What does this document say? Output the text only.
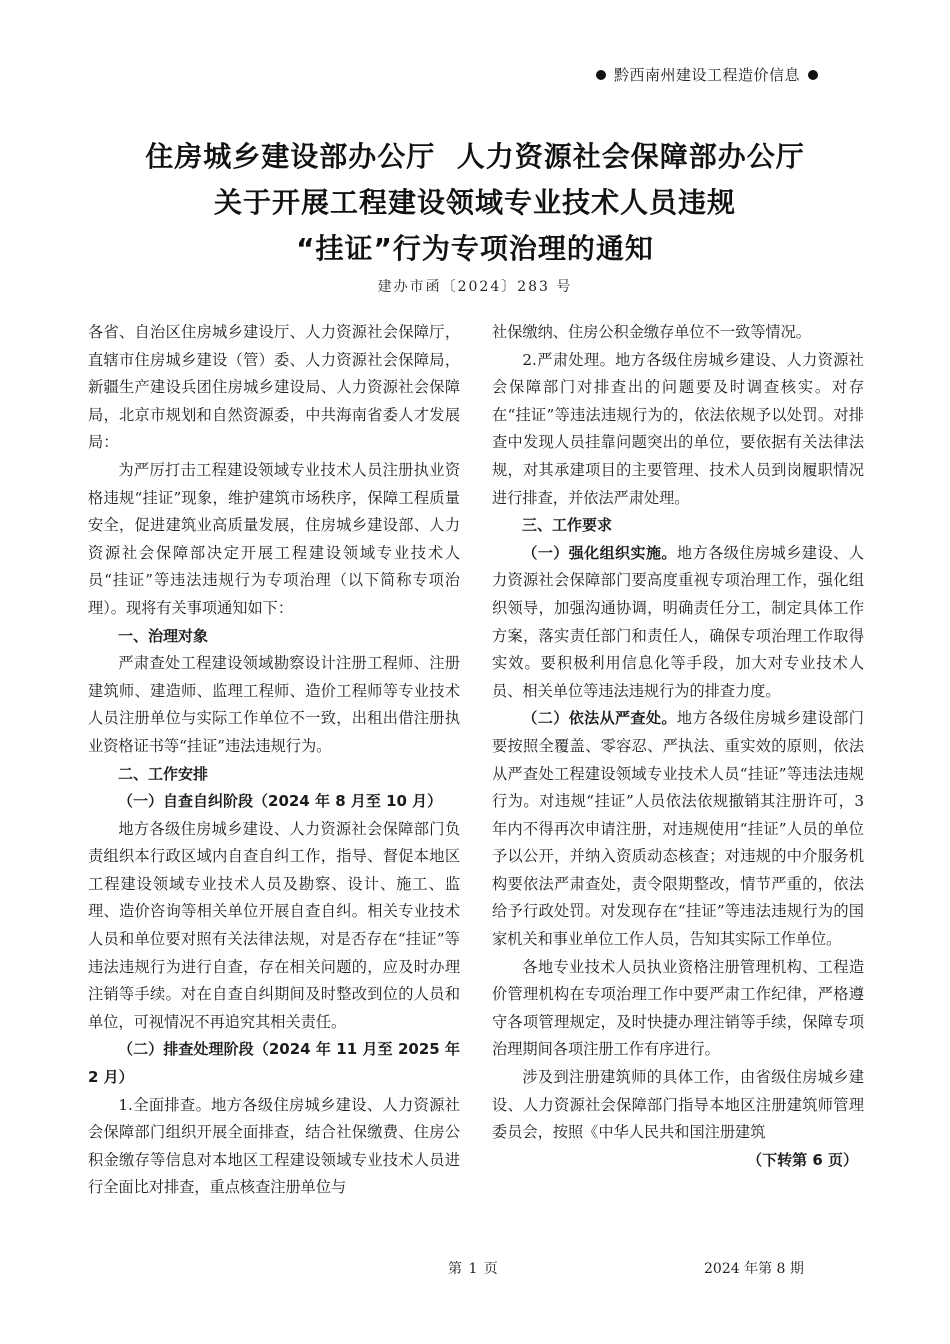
黔西南州建设工程造价信息
住房城乡建设部办公厅  人力资源社会保障部办公厅
关于开展工程建设领域专业技术人员违规
“挂证”行为专项治理的通知
建办市函〔2024〕283 号

各省、自治区住房城乡建设厅、人力资源社会保障厅，直辖市住房城乡建设（管）委、人力资源社会保障局，新疆生产建设兵团住房城乡建设局、人力资源社会保障局，北京市规划和自然资源委，中共海南省委人才发展局：

为严厉打击工程建设领域专业技术人员注册执业资格违规“挂证”现象，维护建筑市场秩序，保障工程质量安全，促进建筑业高质量发展，住房城乡建设部、人力资源社会保障部决定开展工程建设领域专业技术人员“挂证”等违法违规行为专项治理（以下简称专项治理）。现将有关事项通知如下：

一、治理对象

严肃查处工程建设领域勘察设计注册工程师、注册建筑师、建造师、监理工程师、造价工程师等专业技术人员注册单位与实际工作单位不一致，出租出借注册执业资格证书等“挂证”违法违规行为。

二、工作安排

（一）自查自纠阶段（2024 年 8 月至 10 月）

地方各级住房城乡建设、人力资源社会保障部门负责组织本行政区域内自查自纠工作，指导、督促本地区工程建设领域专业技术人员及勘察、设计、施工、监理、造价咨询等相关单位开展自查自纠。相关专业技术人员和单位要对照有关法律法规，对是否存在“挂证”等违法违规行为进行自查，存在相关问题的，应及时办理注销等手续。对在自查自纠期间及时整改到位的人员和单位，可视情况不再追究其相关责任。

（二）排查处理阶段（2024 年 11 月至 2025 年 2 月）

1.全面排查。地方各级住房城乡建设、人力资源社会保障部门组织开展全面排查，结合社保缴费、住房公积金缴存等信息对本地区工程建设领域专业技术人员进行全面比对排查，重点核查注册单位与

社保缴纳、住房公积金缴存单位不一致等情况。

2.严肃处理。地方各级住房城乡建设、人力资源社会保障部门对排查出的问题要及时调查核实。对存在“挂证”等违法违规行为的，依法依规予以处罚。对排查中发现人员挂靠问题突出的单位，要依据有关法律法规，对其承建项目的主要管理、技术人员到岗履职情况进行排查，并依法严肃处理。

三、工作要求

（一）强化组织实施。地方各级住房城乡建设、人力资源社会保障部门要高度重视专项治理工作，强化组织领导，加强沟通协调，明确责任分工，制定具体工作方案，落实责任部门和责任人，确保专项治理工作取得实效。要积极利用信息化等手段，加大对专业技术人员、相关单位等违法违规行为的排查力度。

（二）依法从严查处。地方各级住房城乡建设部门要按照全覆盖、零容忍、严执法、重实效的原则，依法从严查处工程建设领域专业技术人员“挂证”等违法违规行为。对违规“挂证”人员依法依规撤销其注册许可，3 年内不得再次申请注册，对违规使用“挂证”人员的单位予以公开，并纳入资质动态核查；对违规的中介服务机构要依法严肃查处，责令限期整改，情节严重的，依法给予行政处罚。对发现存在“挂证”等违法违规行为的国家机关和事业单位工作人员，告知其实际工作单位。

各地专业技术人员执业资格注册管理机构、工程造价管理机构在专项治理工作中要严肃工作纪律，严格遵守各项管理规定，及时快捷办理注销等手续，保障专项治理期间各项注册工作有序进行。

涉及到注册建筑师的具体工作，由省级住房城乡建设、人力资源社会保障部门指导本地区注册建筑师管理委员会，按照《中华人民共和国注册建筑

（下转第 6 页）
第 1 页	2024 年第 8 期
